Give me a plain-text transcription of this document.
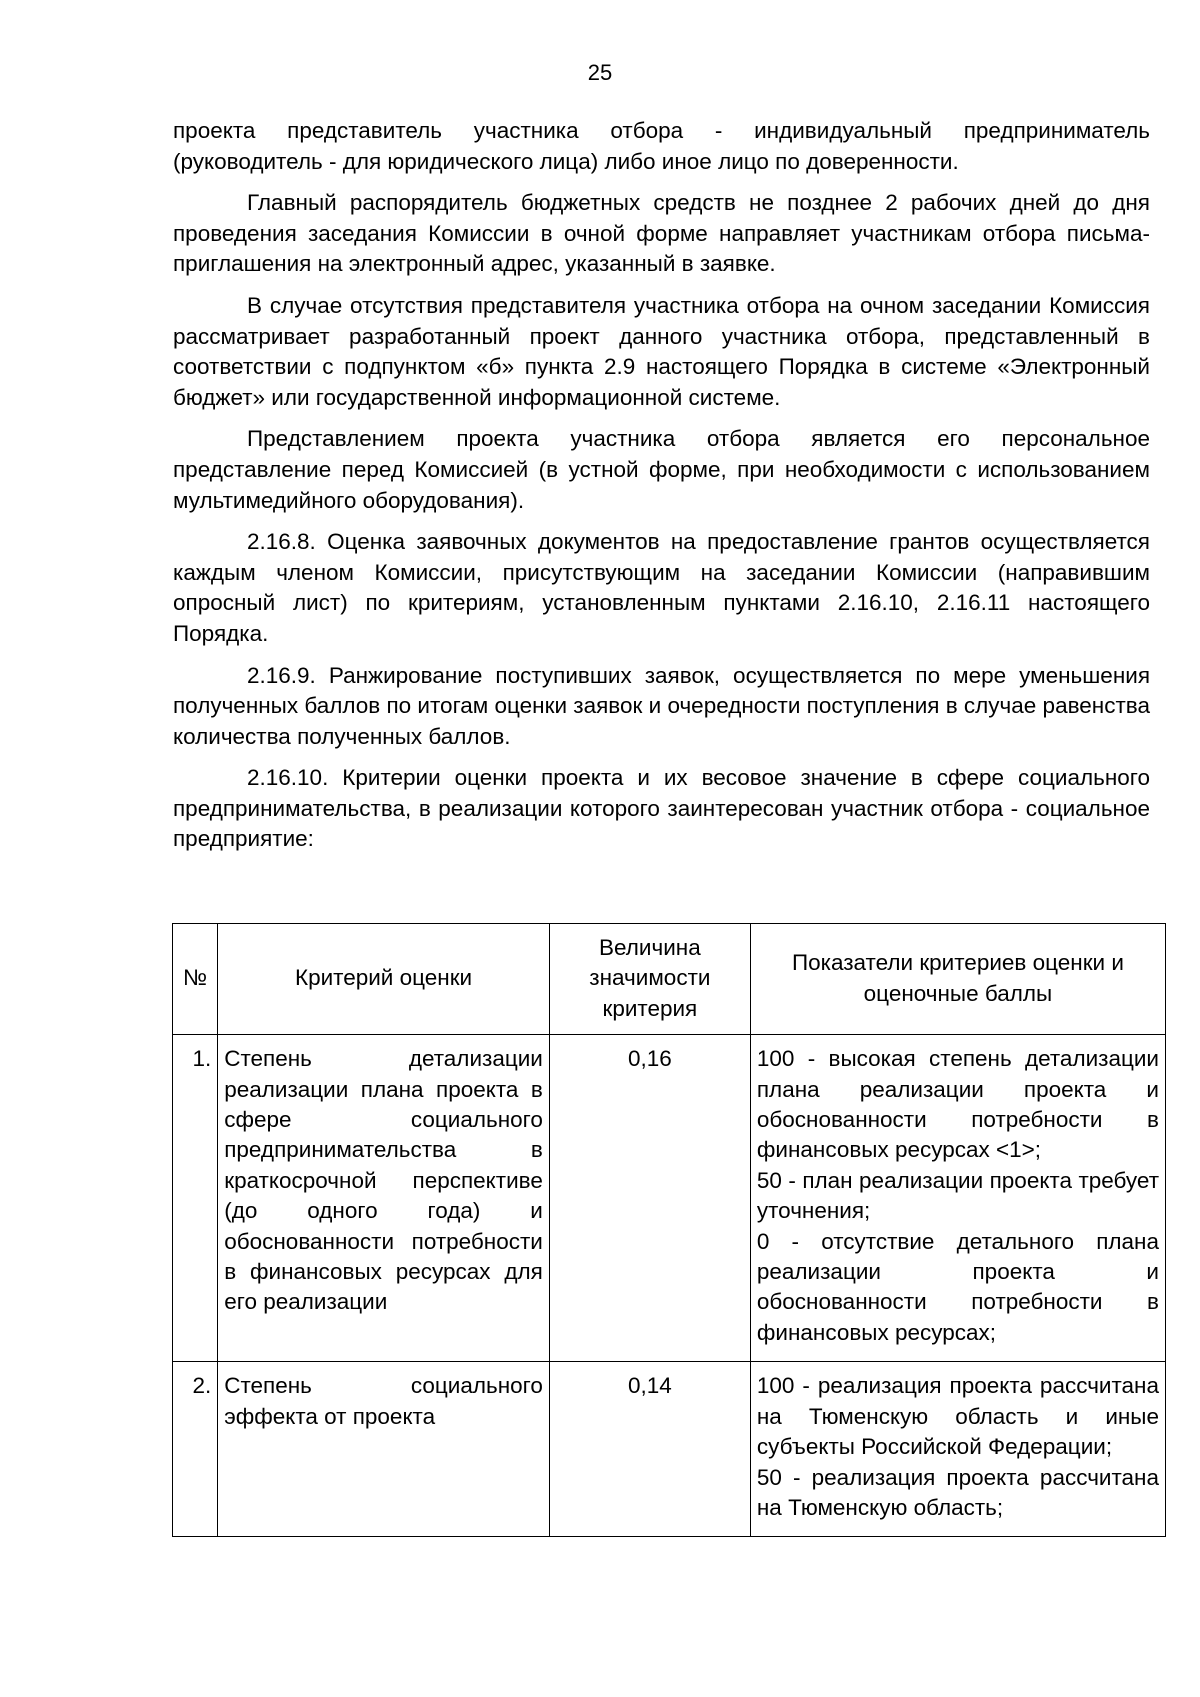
25

проекта представитель участника отбора - индивидуальный предприниматель (руководитель - для юридического лица) либо иное лицо по доверенности.

Главный распорядитель бюджетных средств не позднее 2 рабочих дней до дня проведения заседания Комиссии в очной форме направляет участникам отбора письма-приглашения на электронный адрес, указанный в заявке.

В случае отсутствия представителя участника отбора на очном заседании Комиссия рассматривает разработанный проект данного участника отбора, представленный в соответствии с подпунктом «б» пункта 2.9 настоящего Порядка в системе «Электронный бюджет» или государственной информационной системе.

Представлением проекта участника отбора является его персональное представление перед Комиссией (в устной форме, при необходимости с использованием мультимедийного оборудования).

2.16.8. Оценка заявочных документов на предоставление грантов осуществляется каждым членом Комиссии, присутствующим на заседании Комиссии (направившим опросный лист) по критериям, установленным пунктами 2.16.10, 2.16.11 настоящего Порядка.

2.16.9. Ранжирование поступивших заявок, осуществляется по мере уменьшения полученных баллов по итогам оценки заявок и очередности поступления в случае равенства количества полученных баллов.

2.16.10. Критерии оценки проекта и их весовое значение в сфере социального предпринимательства, в реализации которого заинтересован участник отбора - социальное предприятие:

№	Критерий оценки	Величина значимости критерия	Показатели критериев оценки и оценочные баллы
1.	Степень детализации реализации плана проекта в сфере социального предпринимательства в краткосрочной перспективе (до одного года) и обоснованности потребности в финансовых ресурсах для его реализации	0,16	100 - высокая степень детализации плана реализации проекта и обоснованности потребности в финансовых ресурсах <1>;
50 - план реализации проекта требует уточнения;
0 - отсутствие детального плана реализации проекта и обоснованности потребности в финансовых ресурсах;

2.	Степень социального эффекта от проекта	0,14	100 - реализация проекта рассчитана на Тюменскую область и иные субъекты Российской Федерации;
50 - реализация проекта рассчитана на Тюменскую область;
